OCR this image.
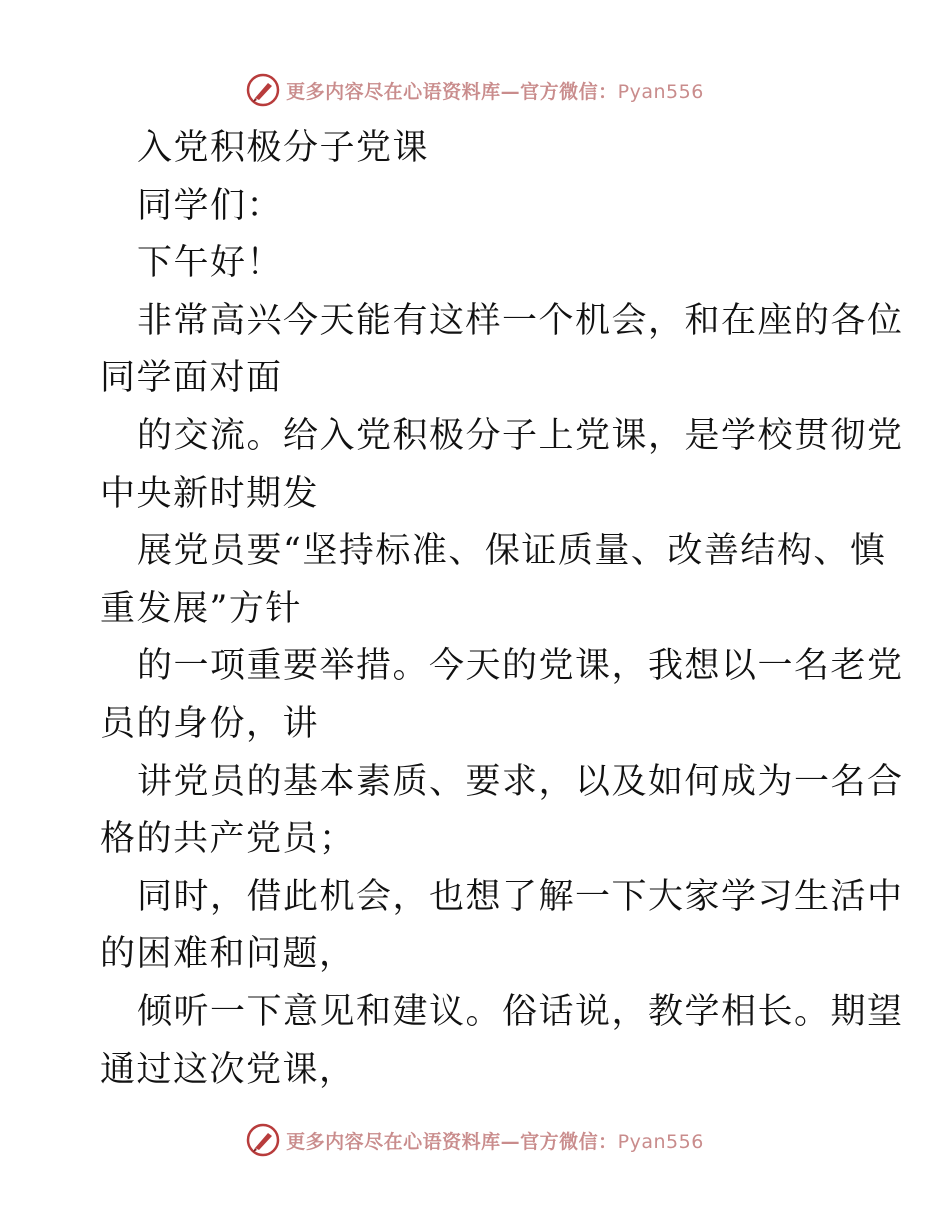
更多内容尽在心语资料库—官方微信：Pyan556
入党积极分子党课
同学们：
下午好！
非常高兴今天能有这样一个机会，和在座的各位
同学面对面
的交流。给入党积极分子上党课，是学校贯彻党
中央新时期发
展党员要“坚持标准、保证质量、改善结构、慎
重发展”方针
的一项重要举措。今天的党课，我想以一名老党
员的身份，讲
讲党员的基本素质、要求，以及如何成为一名合
格的共产党员；
同时，借此机会，也想了解一下大家学习生活中
的困难和问题，
倾听一下意见和建议。俗话说，教学相长。期望
通过这次党课，
更多内容尽在心语资料库—官方微信：Pyan556
